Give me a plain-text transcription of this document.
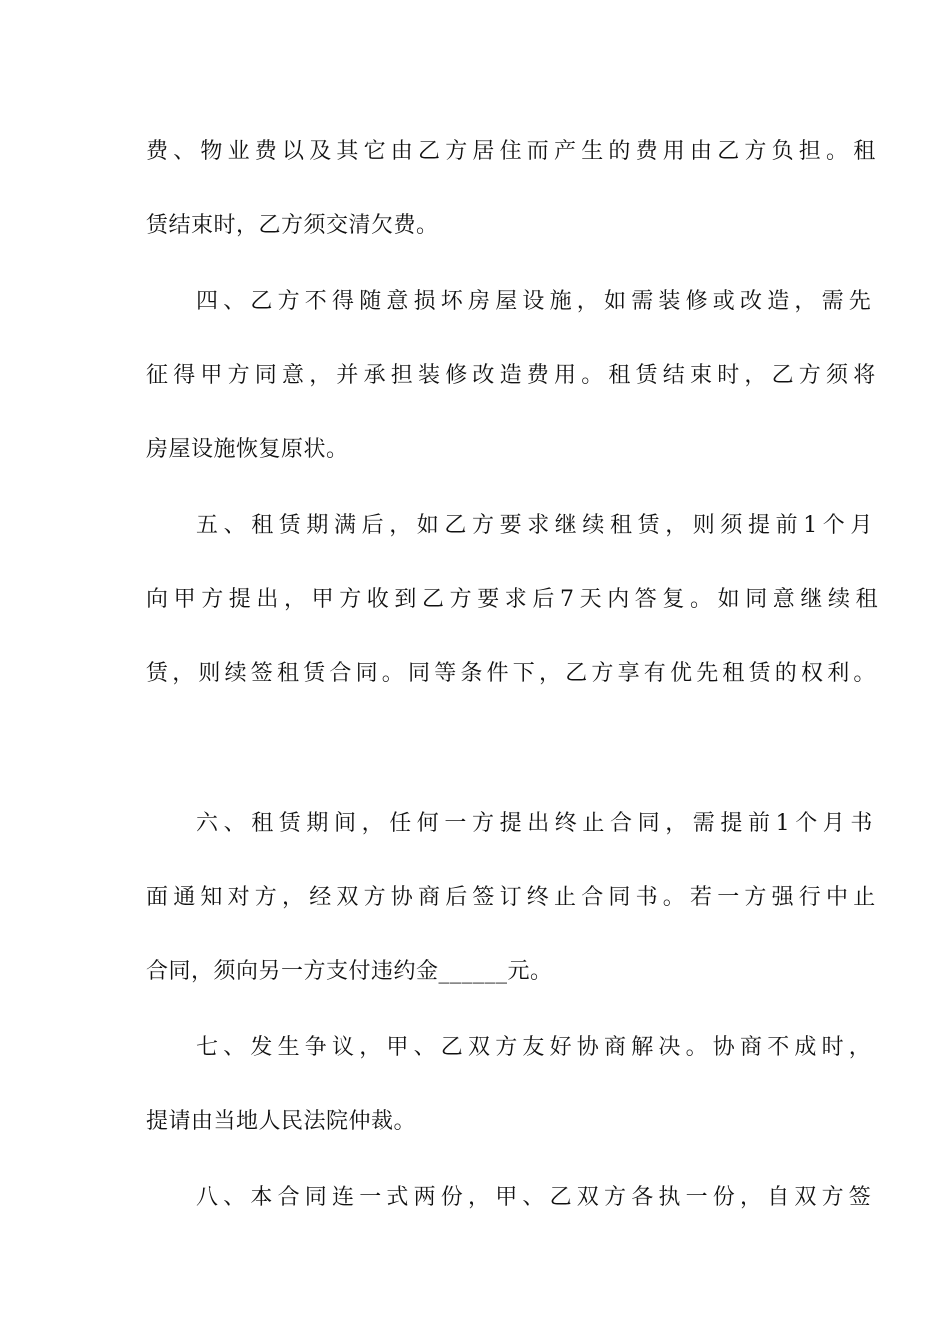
费、物业费以及其它由乙方居住而产生的费用由乙方负担。租
赁结束时，乙方须交清欠费。
四、乙方不得随意损坏房屋设施，如需装修或改造，需先
征得甲方同意，并承担装修改造费用。租赁结束时，乙方须将
房屋设施恢复原状。
五、租赁期满后，如乙方要求继续租赁，则须提前1个月
向甲方提出，甲方收到乙方要求后7天内答复。如同意继续租
赁，则续签租赁合同。同等条件下，乙方享有优先租赁的权利。
六、租赁期间，任何一方提出终止合同，需提前1个月书
面通知对方，经双方协商后签订终止合同书。若一方强行中止
合同，须向另一方支付违约金______元。
七、发生争议，甲、乙双方友好协商解决。协商不成时，
提请由当地人民法院仲裁。
八、本合同连一式两份，甲、乙双方各执一份，自双方签
